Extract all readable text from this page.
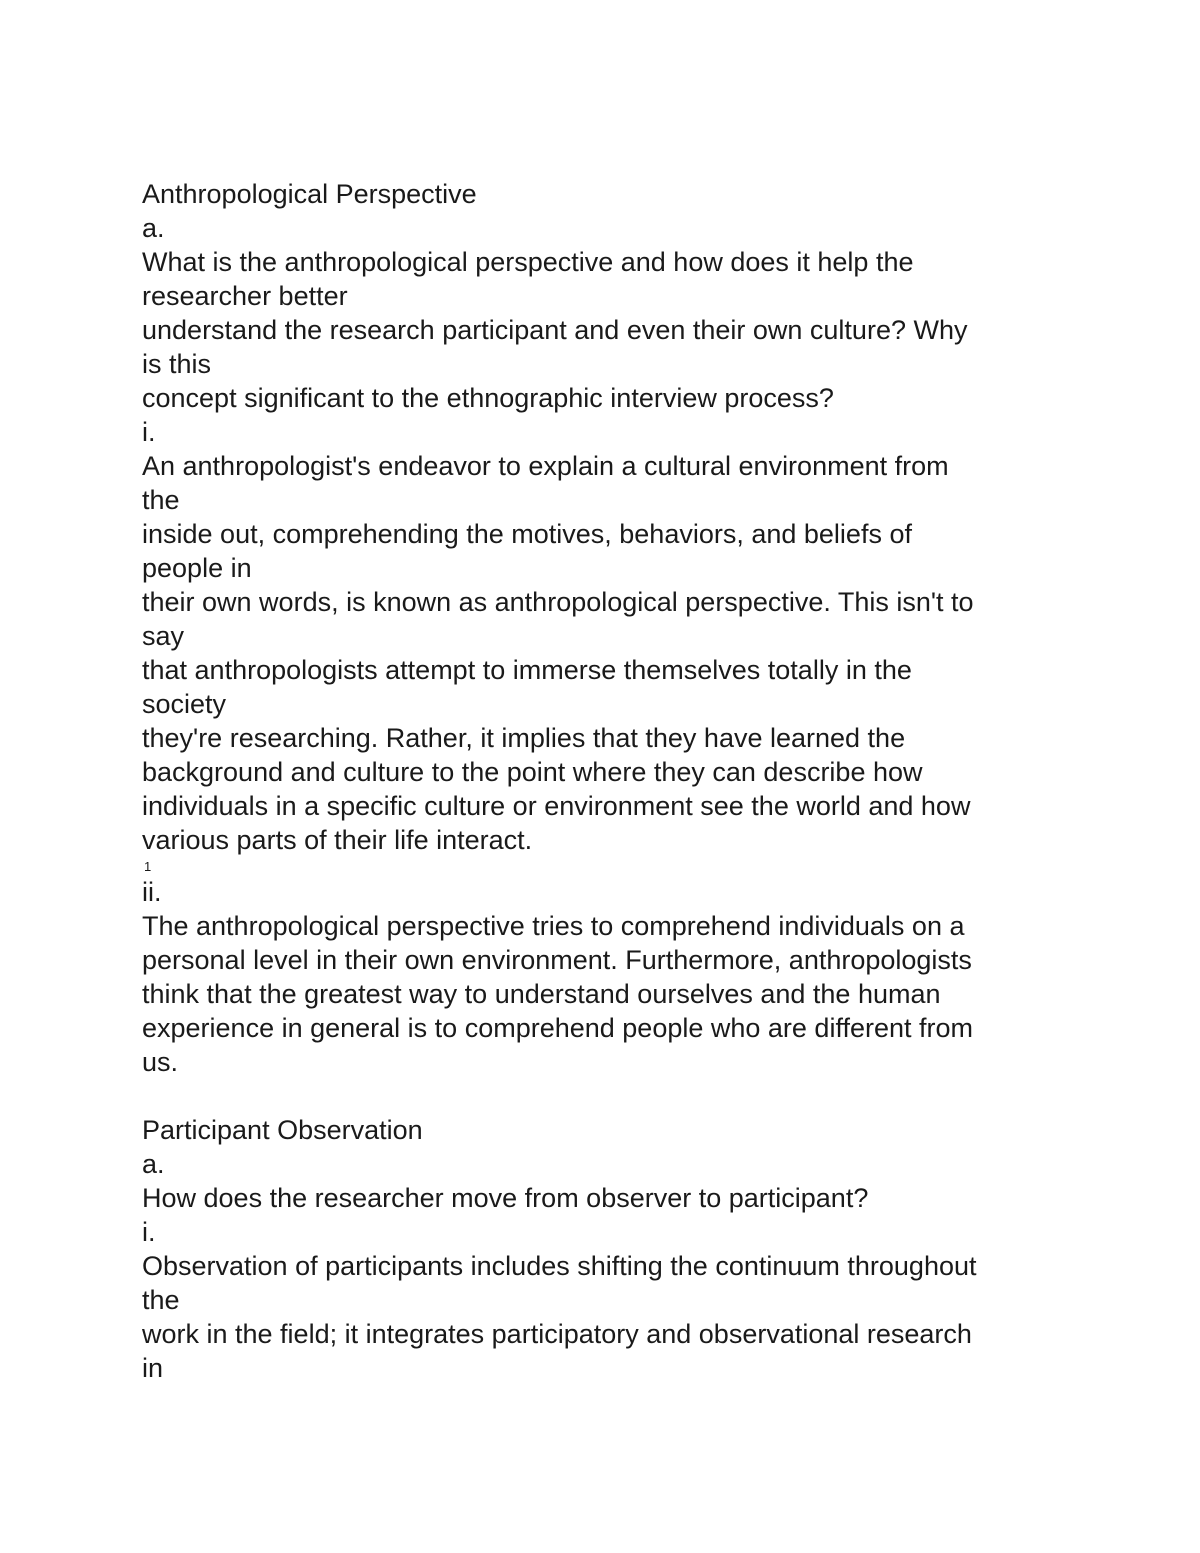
Anthropological Perspective
a.
What is the anthropological perspective and how does it help the
researcher better
understand the research participant and even their own culture? Why
is this
concept significant to the ethnographic interview process?
i.
An anthropologist's endeavor to explain a cultural environment from
the
inside out, comprehending the motives, behaviors, and beliefs of
people in
their own words, is known as anthropological perspective. This isn't to
say
that anthropologists attempt to immerse themselves totally in the
society
they're researching. Rather, it implies that they have learned the
background and culture to the point where they can describe how
individuals in a specific culture or environment see the world and how
various parts of their life interact.
1
ii.
The anthropological perspective tries to comprehend individuals on a
personal level in their own environment. Furthermore, anthropologists
think that the greatest way to understand ourselves and the human
experience in general is to comprehend people who are different from
us.
Participant Observation
a.
How does the researcher move from observer to participant?
i.
Observation of participants includes shifting the continuum throughout
the
work in the field; it integrates participatory and observational research
in
